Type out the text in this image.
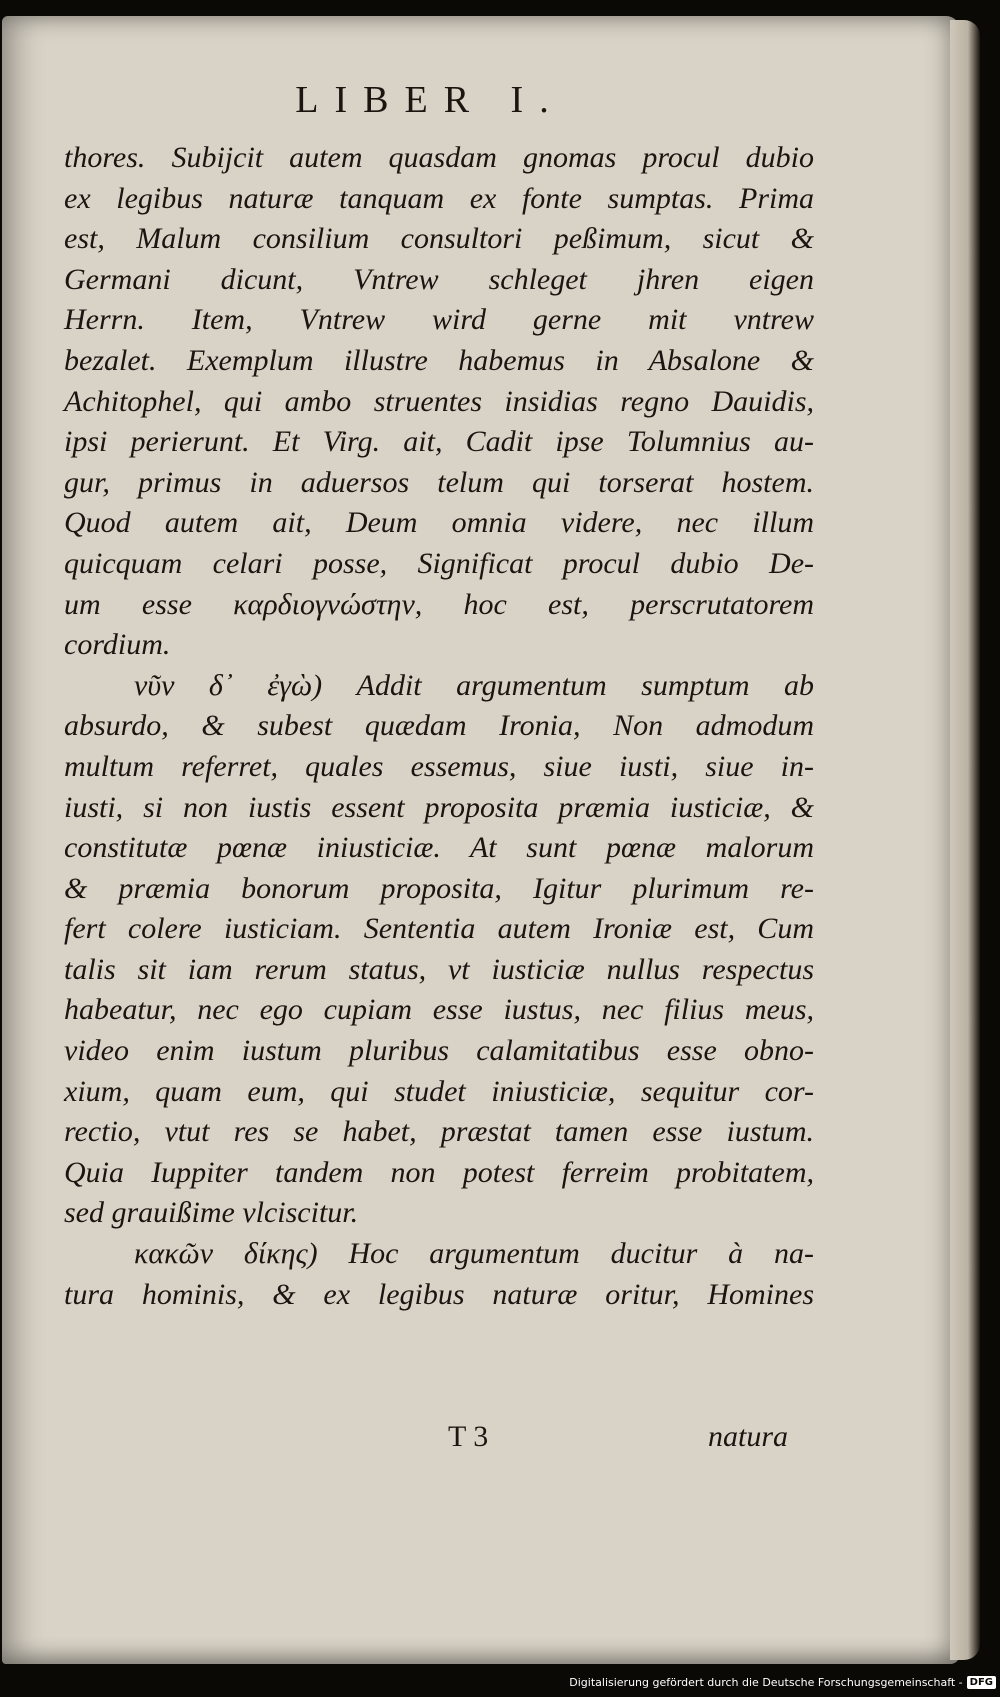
LIBER I.
thores. Subijcit autem quasdam gnomas procul dubio
ex legibus naturæ tanquam ex fonte sumptas. Prima
est, Malum consilium consultori peßimum, sicut &
Germani dicunt, Vntrew schleget jhren eigen
Herrn. Item, Vntrew wird gerne mit vntrew
bezalet. Exemplum illustre habemus in Absalone &
Achitophel, qui ambo struentes insidias regno Dauidis,
ipsi perierunt. Et Virg. ait, Cadit ipse Tolumnius au-
gur, primus in aduersos telum qui torserat hostem.
Quod autem ait, Deum omnia videre, nec illum
quicquam celari posse, Significat procul dubio De-
um esse καρδιογνώστην, hoc est, perscrutatorem
cordium.
νῦν δ᾽ ἐγὼ) Addit argumentum sumptum ab
absurdo, & subest quædam Ironia, Non admodum
multum referret, quales essemus, siue iusti, siue in-
iusti, si non iustis essent proposita præmia iusticiæ, &
constitutæ pœnæ iniusticiæ. At sunt pœnæ malorum
& præmia bonorum proposita, Igitur plurimum re-
fert colere iusticiam. Sententia autem Ironiæ est, Cum
talis sit iam rerum status, vt iusticiæ nullus respectus
habeatur, nec ego cupiam esse iustus, nec filius meus,
video enim iustum pluribus calamitatibus esse obno-
xium, quam eum, qui studet iniusticiæ, sequitur cor-
rectio, vtut res se habet, præstat tamen esse iustum.
Quia Iuppiter tandem non potest ferreim probitatem,
sed grauißime vlciscitur.
κακῶν δίκης) Hoc argumentum ducitur à na-
tura hominis, & ex legibus naturæ oritur, Homines
T 3	natura
Digitalisierung gefördert durch die Deutsche Forschungsgemeinschaft - DFG
